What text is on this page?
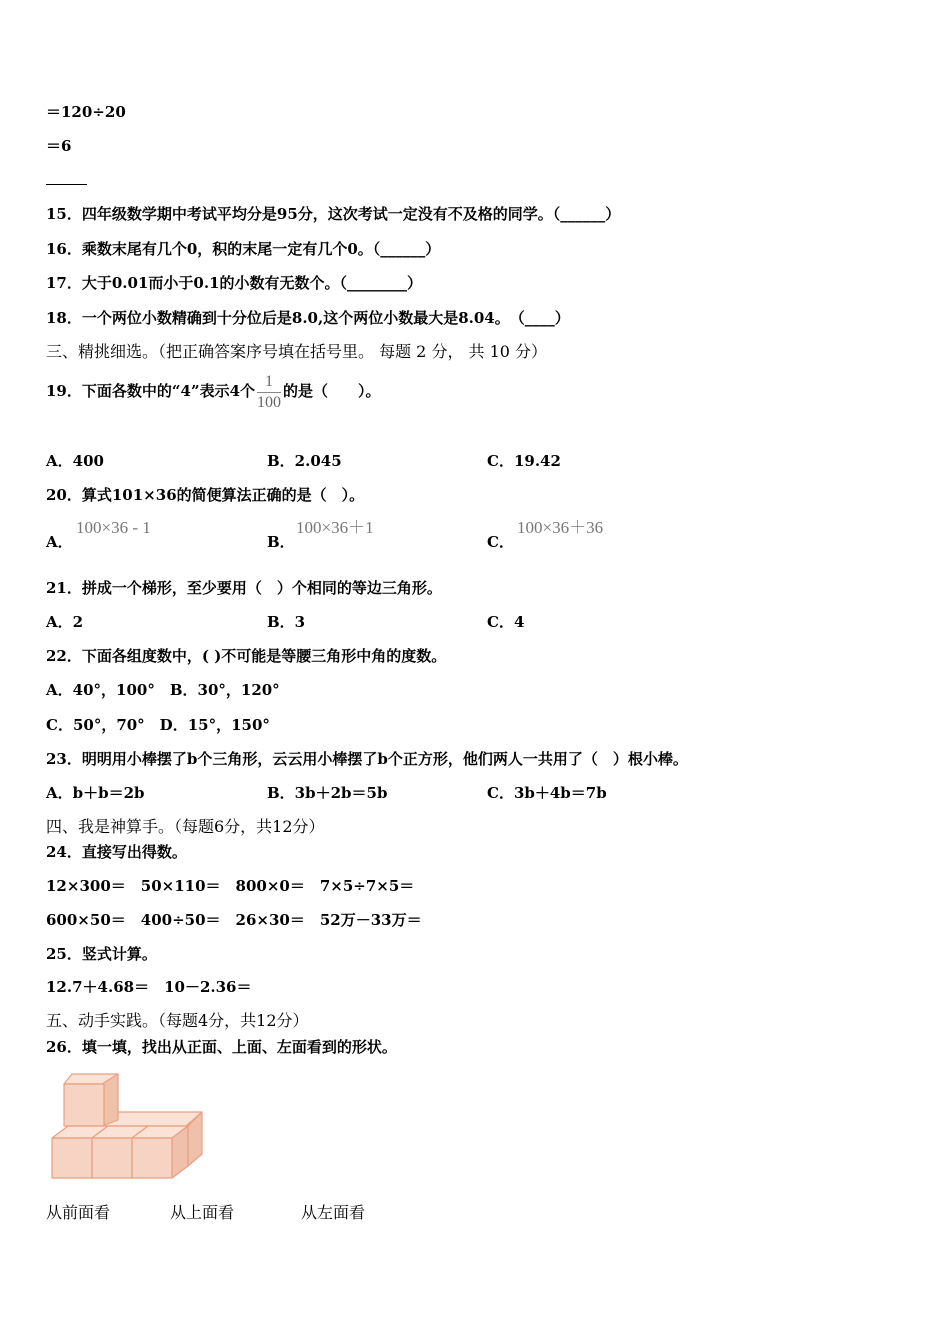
＝120÷20
＝6
15．四年级数学期中考试平均分是95分，这次考试一定没有不及格的同学。（______）
16．乘数末尾有几个0，积的末尾一定有几个0。（______）
17．大于0.01而小于0.1的小数有无数个。（________）
18．一个两位小数精确到十分位后是8.0,这个两位小数最大是8.04。　（____）
三、精挑细选。（把正确答案序号填在括号里。 每题 2 分， 共 10 分）
19．下面各数中的“4”表示4个 $\frac{1}{100}$ 的是（　　）。
A．400	B．2.045	C．19.42
20．算式101×36的简便算法正确的是（　）。
A．
100×36 - 1
B．
100×36＋1
C．
100×36＋36
21．拼成一个梯形，至少要用（　）个相同的等边三角形。
A．2	B．3	C．4
22．下面各组度数中，( )不可能是等腰三角形中角的度数。
A．40°，100°　B．30°，120°
C．50°，70°　D．15°，150°
23．明明用小棒摆了b个三角形，云云用小棒摆了b个正方形，他们两人一共用了（　）根小棒。
A．b＋b＝2b	B．3b＋2b＝5b	C．3b＋4b＝7b
四、我是神算手。（每题6分，共12分）
24．直接写出得数。
12×300＝　50×110＝　800×0＝　7×5÷7×5＝
600×50＝　400÷50＝　26×30＝　52万－33万＝
25．竖式计算。
12.7＋4.68＝　10－2.36＝
五、动手实践。（每题4分，共12分）
26．填一填，找出从正面、上面、左面看到的形状。
从前面看	从上面看	从左面看
